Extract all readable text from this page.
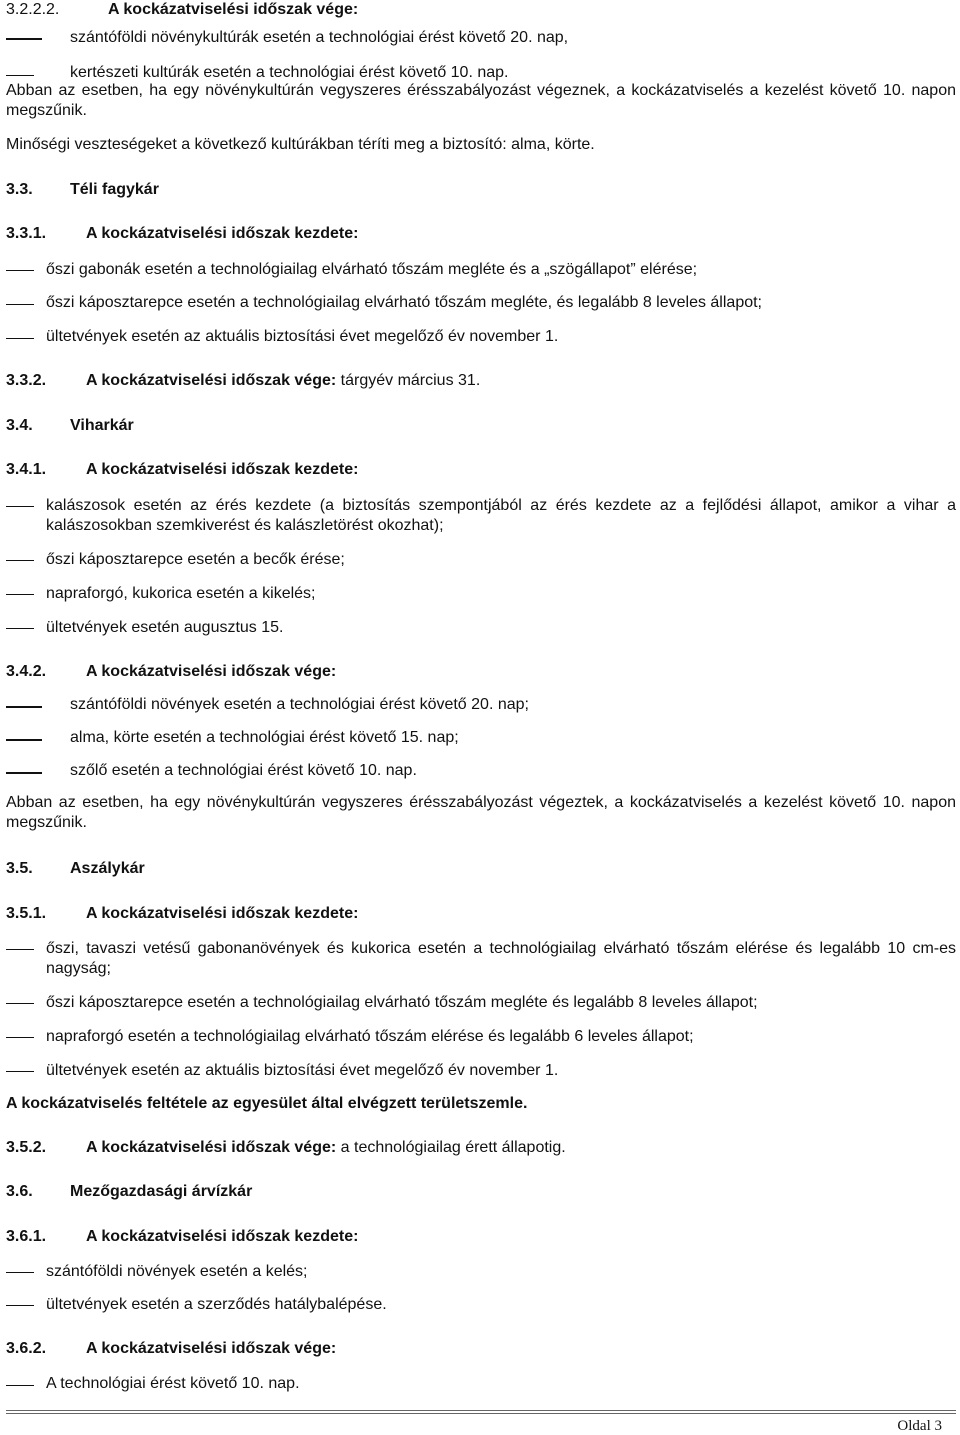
3.2.2.2.	A kockázatviselési időszak vége:
szántóföldi növénykultúrák esetén a technológiai érést követő 20. nap,
kertészeti kultúrák esetén a technológiai érést követő 10. nap.
Abban az esetben, ha egy növénykultúrán vegyszeres érésszabályozást végeznek, a kockázatviselés a kezelést követő 10. napon megszűnik.
Minőségi veszteségeket a következő kultúrákban téríti meg a biztosító: alma, körte.
3.3. Téli fagykár
3.3.1. A kockázatviselési időszak kezdete:
őszi gabonák esetén a technológiailag elvárható tőszám megléte és a „szögállapot” elérése;
őszi káposztarepce esetén a technológiailag elvárható tőszám megléte, és legalább 8 leveles állapot;
ültetvények esetén az aktuális biztosítási évet megelőző év november 1.
3.3.2. A kockázatviselési időszak vége: tárgyév március 31.
3.4. Viharkár
3.4.1. A kockázatviselési időszak kezdete:
kalászosok esetén az érés kezdete (a biztosítás szempontjából az érés kezdete az a fejlődési állapot, amikor a vihar a kalászosokban szemkiverést és kalászletörést okozhat);
őszi káposztarepce esetén a becők érése;
napraforgó, kukorica esetén a kikelés;
ültetvények esetén augusztus 15.
3.4.2. A kockázatviselési időszak vége:
szántóföldi növények esetén a technológiai érést követő 20. nap;
alma, körte esetén a technológiai érést követő 15. nap;
szőlő esetén a technológiai érést követő 10. nap.
Abban az esetben, ha egy növénykultúrán vegyszeres érésszabályozást végeztek, a kockázatviselés a kezelést követő 10. napon megszűnik.
3.5. Aszálykár
3.5.1. A kockázatviselési időszak kezdete:
őszi, tavaszi vetésű gabonanövények és kukorica esetén a technológiailag elvárható tőszám elérése és legalább 10 cm-es nagyság;
őszi káposztarepce esetén a technológiailag elvárható tőszám megléte és legalább 8 leveles állapot;
napraforgó esetén a technológiailag elvárható tőszám elérése és legalább 6 leveles állapot;
ültetvények esetén az aktuális biztosítási évet megelőző év november 1.
A kockázatviselés feltétele az egyesület által elvégzett területszemle.
3.5.2. A kockázatviselési időszak vége: a technológiailag érett állapotig.
3.6. Mezőgazdasági árvízkár
3.6.1. A kockázatviselési időszak kezdete:
szántóföldi növények esetén a kelés;
ültetvények esetén a szerződés hatálybalépése.
3.6.2. A kockázatviselési időszak vége:
A technológiai érést követő 10. nap.
Oldal 3
